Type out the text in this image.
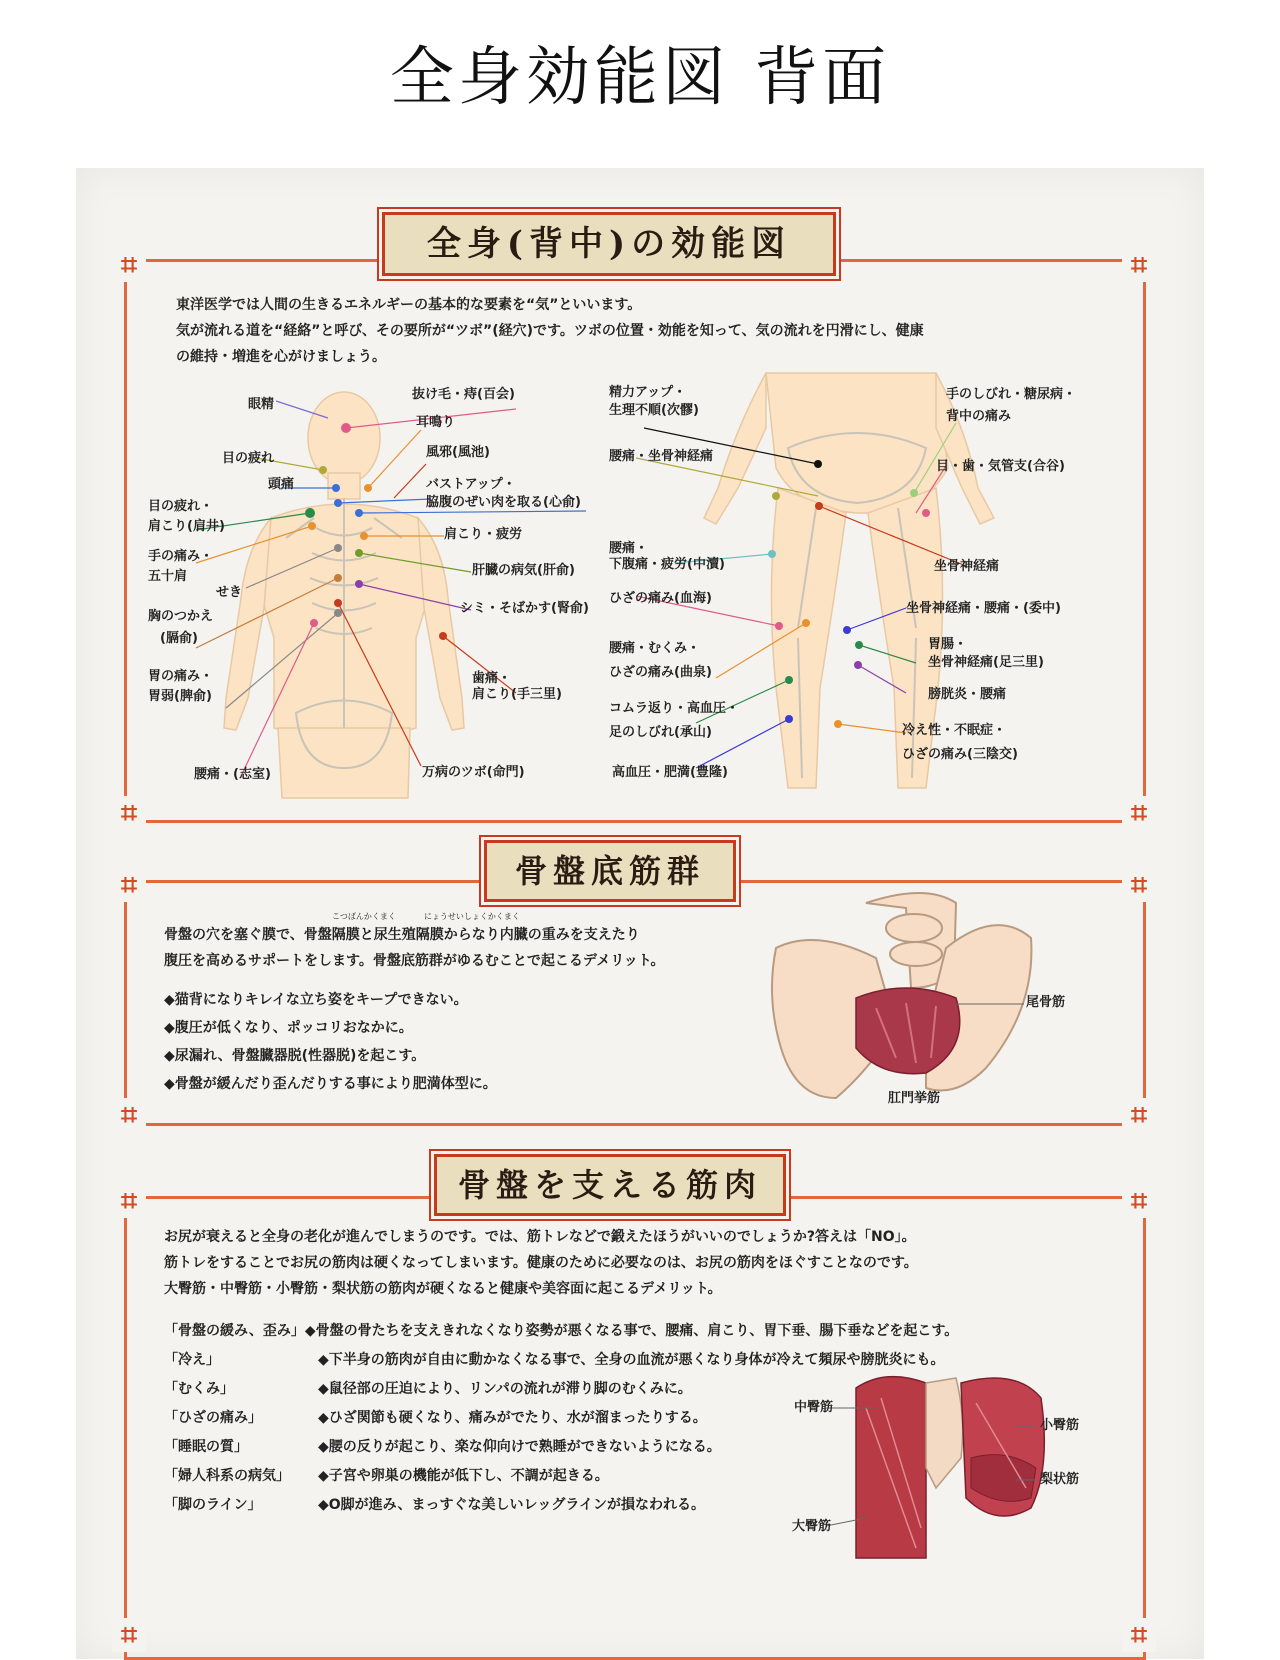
全身効能図 背面
⌗	⌗
⌗	⌗
全身(背中)の効能図
東洋医学では人間の生きるエネルギーの基本的な要素を“気”といいます。
気が流れる道を“経絡”と呼び、その要所が“ツボ”(経穴)です。ツボの位置・効能を知って、気の流れを円滑にし、健康
の維持・増進を心がけましょう。
眼精
目の疲れ
頭痛
目の疲れ・
肩こり(肩井)
手の痛み・
五十肩
せき
胸のつかえ
(膈俞)
胃の痛み・
胃弱(脾俞)
腰痛・(志室)
抜け毛・痔(百会)
耳鳴り
風邪(風池)
バストアップ・
脇腹のぜい肉を取る(心俞)
肩こり・疲労
肝臓の病気(肝俞)
シミ・そばかす(腎俞)
歯痛・
肩こり(手三里)
万病のツボ(命門)
精力アップ・
生理不順(次髎)
腰痛・坐骨神経痛
腰痛・
下腹痛・疲労(中瀆)
ひざの痛み(血海)
腰痛・むくみ・
ひざの痛み(曲泉)
コムラ返り・高血圧・
足のしびれ(承山)
高血圧・肥満(豊隆)
手のしびれ・糖尿病・
背中の痛み
目・歯・気管支(合谷)
坐骨神経痛
坐骨神経痛・腰痛・(委中)
胃腸・
坐骨神経痛(足三里)
膀胱炎・腰痛
冷え性・不眠症・
ひざの痛み(三陰交)
⌗	⌗
⌗	⌗
骨盤底筋群
こつばんかくまく	にょうせいしょくかくまく
骨盤の穴を塞ぐ膜で、骨盤隔膜と尿生殖隔膜からなり内臓の重みを支えたり
腹圧を高めるサポートをします。骨盤底筋群がゆるむことで起こるデメリット。
◆猫背になりキレイな立ち姿をキープできない。
◆腹圧が低くなり、ポッコリおなかに。
◆尿漏れ、骨盤臓器脱(性器脱)を起こす。
◆骨盤が緩んだり歪んだりする事により肥満体型に。
尾骨筋
肛門挙筋
⌗	⌗
⌗	⌗
骨盤を支える筋肉
お尻が衰えると全身の老化が進んでしまうのです。では、筋トレなどで鍛えたほうがいいのでしょうか?答えは「NO」。
筋トレをすることでお尻の筋肉は硬くなってしまいます。健康のために必要なのは、お尻の筋肉をほぐすことなのです。
大臀筋・中臀筋・小臀筋・梨状筋の筋肉が硬くなると健康や美容面に起こるデメリット。
「骨盤の緩み、歪み」◆骨盤の骨たちを支えきれなくなり姿勢が悪くなる事で、腰痛、肩こり、胃下垂、腸下垂などを起こす。
「冷え」	◆下半身の筋肉が自由に動かなくなる事で、全身の血流が悪くなり身体が冷えて頻尿や膀胱炎にも。
「むくみ」	◆鼠径部の圧迫により、リンパの流れが滞り脚のむくみに。
「ひざの痛み」	◆ひざ関節も硬くなり、痛みがでたり、水が溜まったりする。
「睡眠の質」	◆腰の反りが起こり、楽な仰向けで熟睡ができないようになる。
「婦人科系の病気」 ◆子宮や卵巣の機能が低下し、不調が起きる。
「脚のライン」	◆O脚が進み、まっすぐな美しいレッグラインが損なわれる。
中臀筋
大臀筋
小臀筋
梨状筋
